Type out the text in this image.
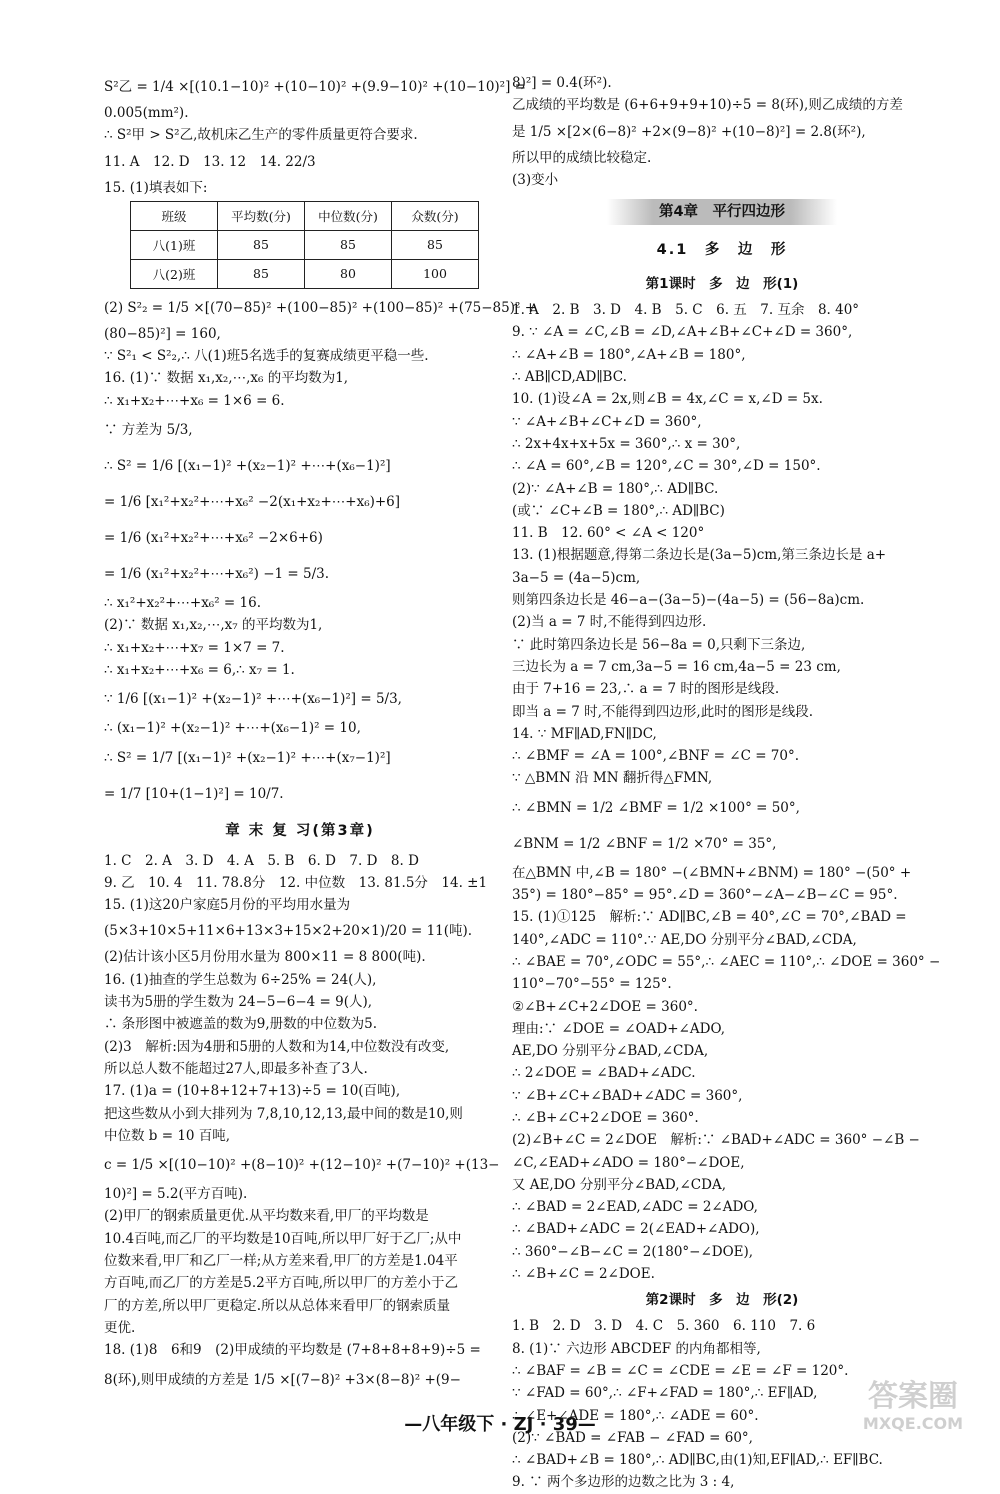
S²乙 = 1/4 ×[(10.1−10)² +(10−10)² +(9.9−10)² +(10−10)²] =
0.005(mm²).
∴ S²甲 > S²乙,故机床乙生产的零件质量更符合要求.
11. A　12. D　13. 12　14. 22/3
15. (1)填表如下:
班级	平均数(分)	中位数(分)	众数(分)
八(1)班	85	85	85
八(2)班	85	80	100
(2) S²₂ = 1/5 ×[(70−85)² +(100−85)² +(100−85)² +(75−85)² +
(80−85)²] = 160,
∵ S²₁ < S²₂,∴ 八(1)班5名选手的复赛成绩更平稳一些.
16. (1)∵ 数据 x₁,x₂,⋯,x₆ 的平均数为1,
∴ x₁+x₂+⋯+x₆ = 1×6 = 6.
∵ 方差为 5/3,
∴ S² = 1/6 [(x₁−1)² +(x₂−1)² +⋯+(x₆−1)²]
= 1/6 [x₁²+x₂²+⋯+x₆² −2(x₁+x₂+⋯+x₆)+6]
= 1/6 (x₁²+x₂²+⋯+x₆² −2×6+6)
= 1/6 (x₁²+x₂²+⋯+x₆²) −1 = 5/3.
∴ x₁²+x₂²+⋯+x₆² = 16.
(2)∵ 数据 x₁,x₂,⋯,x₇ 的平均数为1,
∴ x₁+x₂+⋯+x₇ = 1×7 = 7.
∴ x₁+x₂+⋯+x₆ = 6,∴ x₇ = 1.
∵ 1/6 [(x₁−1)² +(x₂−1)² +⋯+(x₆−1)²] = 5/3,
∴ (x₁−1)² +(x₂−1)² +⋯+(x₆−1)² = 10,
∴ S² = 1/7 [(x₁−1)² +(x₂−1)² +⋯+(x₇−1)²]
= 1/7 [10+(1−1)²] = 10/7.
章 末 复 习(第3章)
1. C　2. A　3. D　4. A　5. B　6. D　7. D　8. D
9. 乙　10. 4　11. 78.8分　12. 中位数　13. 81.5分　14. ±1
15. (1)这20户家庭5月份的平均用水量为
(5×3+10×5+11×6+13×3+15×2+20×1)/20 = 11(吨).
(2)估计该小区5月份用水量为 800×11 = 8 800(吨).
16. (1)抽查的学生总数为 6÷25% = 24(人),
读书为5册的学生数为 24−5−6−4 = 9(人),
∴ 条形图中被遮盖的数为9,册数的中位数为5.
(2)3　解析:因为4册和5册的人数和为14,中位数没有改变,
所以总人数不能超过27人,即最多补查了3人.
17. (1)a = (10+8+12+7+13)÷5 = 10(百吨),
把这些数从小到大排列为 7,8,10,12,13,最中间的数是10,则
中位数 b = 10 百吨,
c = 1/5 ×[(10−10)² +(8−10)² +(12−10)² +(7−10)² +(13−
10)²] = 5.2(平方百吨).
(2)甲厂的钢索质量更优.从平均数来看,甲厂的平均数是
10.4百吨,而乙厂的平均数是10百吨,所以甲厂好于乙厂;从中
位数来看,甲厂和乙厂一样;从方差来看,甲厂的方差是1.04平
方百吨,而乙厂的方差是5.2平方百吨,所以甲厂的方差小于乙
厂的方差,所以甲厂更稳定.所以从总体来看甲厂的钢索质量
更优.
18. (1)8　6和9　(2)甲成绩的平均数是 (7+8+8+8+9)÷5 =
8(环),则甲成绩的方差是 1/5 ×[(7−8)² +3×(8−8)² +(9−
8)²] = 0.4(环²).
乙成绩的平均数是 (6+6+9+9+10)÷5 = 8(环),则乙成绩的方差
是 1/5 ×[2×(6−8)² +2×(9−8)² +(10−8)²] = 2.8(环²),
所以甲的成绩比较稳定.
(3)变小
第4章　平行四边形
4.1　多　边　形
第1课时　多　边　形(1)
1. A　2. B　3. D　4. B　5. C　6. 五　7. 互余　8. 40°
9. ∵ ∠A = ∠C,∠B = ∠D,∠A+∠B+∠C+∠D = 360°,
∴ ∠A+∠B = 180°,∠A+∠B = 180°,
∴ AB∥CD,AD∥BC.
10. (1)设∠A = 2x,则∠B = 4x,∠C = x,∠D = 5x.
∵ ∠A+∠B+∠C+∠D = 360°,
∴ 2x+4x+x+5x = 360°,∴ x = 30°,
∴ ∠A = 60°,∠B = 120°,∠C = 30°,∠D = 150°.
(2)∵ ∠A+∠B = 180°,∴ AD∥BC.
(或∵ ∠C+∠B = 180°,∴ AD∥BC)
11. B　12. 60° < ∠A < 120°
13. (1)根据题意,得第二条边长是(3a−5)cm,第三条边长是 a+
3a−5 = (4a−5)cm,
则第四条边长是 46−a−(3a−5)−(4a−5) = (56−8a)cm.
(2)当 a = 7 时,不能得到四边形.
∵ 此时第四条边长是 56−8a = 0,只剩下三条边,
三边长为 a = 7 cm,3a−5 = 16 cm,4a−5 = 23 cm,
由于 7+16 = 23,∴ a = 7 时的图形是线段.
即当 a = 7 时,不能得到四边形,此时的图形是线段.
14. ∵ MF∥AD,FN∥DC,
∴ ∠BMF = ∠A = 100°,∠BNF = ∠C = 70°.
∵ △BMN 沿 MN 翻折得△FMN,
∴ ∠BMN = 1/2 ∠BMF = 1/2 ×100° = 50°,
∠BNM = 1/2 ∠BNF = 1/2 ×70° = 35°,
在△BMN 中,∠B = 180° −(∠BMN+∠BNM) = 180° −(50° +
35°) = 180°−85° = 95°.∠D = 360°−∠A−∠B−∠C = 95°.
15. (1)①125　解析:∵ AD∥BC,∠B = 40°,∠C = 70°,∠BAD =
140°,∠ADC = 110°.∵ AE,DO 分别平分∠BAD,∠CDA,
∴ ∠BAE = 70°,∠ODC = 55°,∴ ∠AEC = 110°,∴ ∠DOE = 360° −
110°−70°−55° = 125°.
②∠B+∠C+2∠DOE = 360°.
理由:∵ ∠DOE = ∠OAD+∠ADO,
AE,DO 分别平分∠BAD,∠CDA,
∴ 2∠DOE = ∠BAD+∠ADC.
∵ ∠B+∠C+∠BAD+∠ADC = 360°,
∴ ∠B+∠C+2∠DOE = 360°.
(2)∠B+∠C = 2∠DOE　解析:∵ ∠BAD+∠ADC = 360° −∠B −
∠C,∠EAD+∠ADO = 180°−∠DOE,
又 AE,DO 分别平分∠BAD,∠CDA,
∴ ∠BAD = 2∠EAD,∠ADC = 2∠ADO,
∴ ∠BAD+∠ADC = 2(∠EAD+∠ADO),
∴ 360°−∠B−∠C = 2(180°−∠DOE),
∴ ∠B+∠C = 2∠DOE.
第2课时　多　边　形(2)
1. B　2. D　3. D　4. C　5. 360　6. 110　7. 6
8. (1)∵ 六边形 ABCDEF 的内角都相等,
∴ ∠BAF = ∠B = ∠C = ∠CDE = ∠E = ∠F = 120°.
∵ ∠FAD = 60°,∴ ∠F+∠FAD = 180°,∴ EF∥AD,
∴ ∠E+∠ADE = 180°,∴ ∠ADE = 60°.
(2)∵ ∠BAD = ∠FAB − ∠FAD = 60°,
∴ ∠BAD+∠B = 180°,∴ AD∥BC,由(1)知,EF∥AD,∴ EF∥BC.
9. ∵ 两个多边形的边数之比为 3 : 4,
—八年级下 · ZJ · 39—
答案圈
MXQE.COM
